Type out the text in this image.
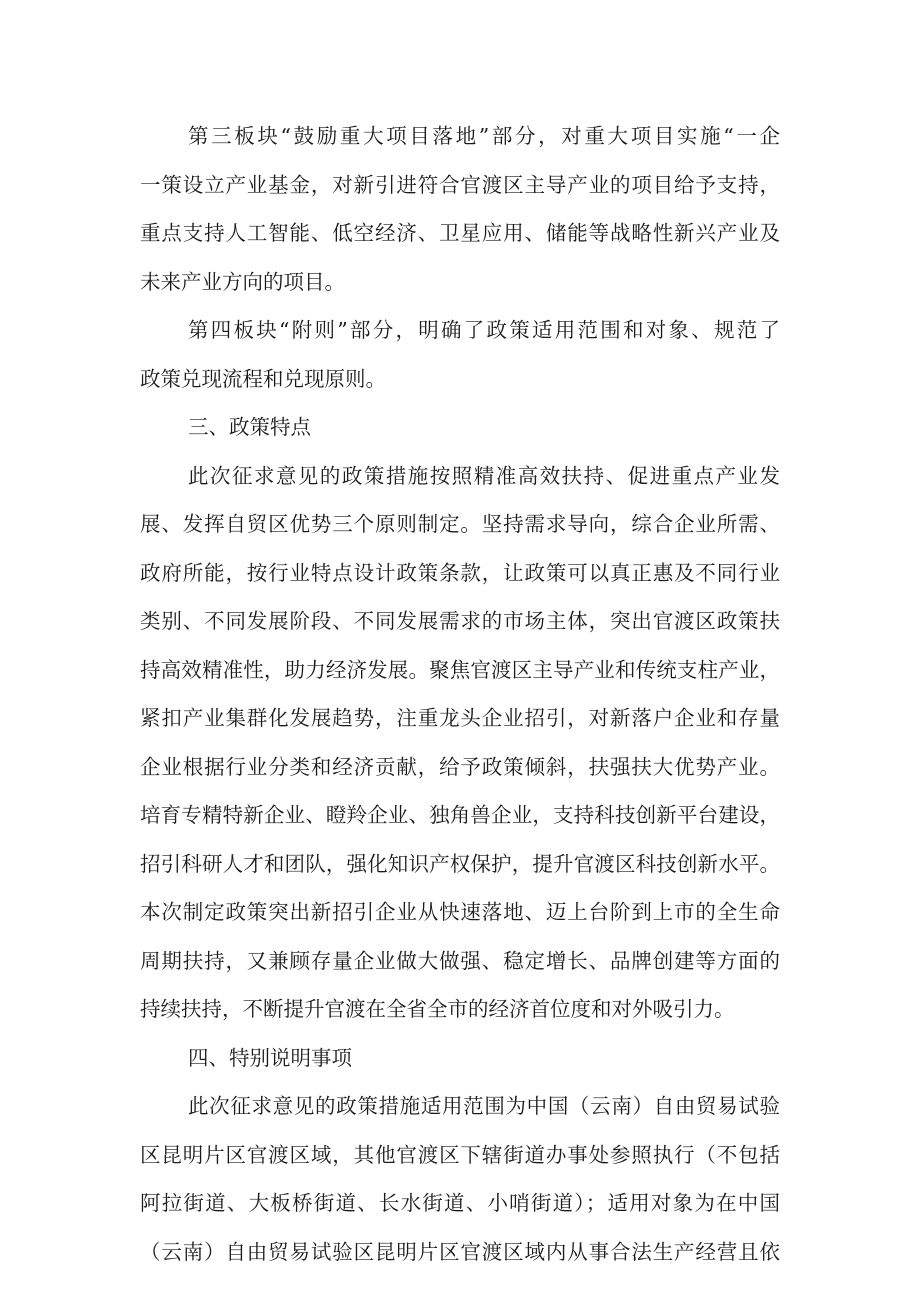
第三板块“鼓励重大项目落地”部分，对重大项目实施“一企
一策设立产业基金，对新引进符合官渡区主导产业的项目给予支持，
重点支持人工智能、低空经济、卫星应用、储能等战略性新兴产业及
未来产业方向的项目。
第四板块“附则”部分，明确了政策适用范围和对象、规范了
政策兑现流程和兑现原则。
三、政策特点
此次征求意见的政策措施按照精准高效扶持、促进重点产业发
展、发挥自贸区优势三个原则制定。坚持需求导向，综合企业所需、
政府所能，按行业特点设计政策条款，让政策可以真正惠及不同行业
类别、不同发展阶段、不同发展需求的市场主体，突出官渡区政策扶
持高效精准性，助力经济发展。聚焦官渡区主导产业和传统支柱产业，
紧扣产业集群化发展趋势，注重龙头企业招引，对新落户企业和存量
企业根据行业分类和经济贡献，给予政策倾斜，扶强扶大优势产业。
培育专精特新企业、瞪羚企业、独角兽企业，支持科技创新平台建设，
招引科研人才和团队，强化知识产权保护，提升官渡区科技创新水平。
本次制定政策突出新招引企业从快速落地、迈上台阶到上市的全生命
周期扶持，又兼顾存量企业做大做强、稳定增长、品牌创建等方面的
持续扶持，不断提升官渡在全省全市的经济首位度和对外吸引力。
四、特别说明事项
此次征求意见的政策措施适用范围为中国（云南）自由贸易试验
区昆明片区官渡区域，其他官渡区下辖街道办事处参照执行（不包括
阿拉街道、大板桥街道、长水街道、小哨街道）；适用对象为在中国
（云南）自由贸易试验区昆明片区官渡区域内从事合法生产经营且依
